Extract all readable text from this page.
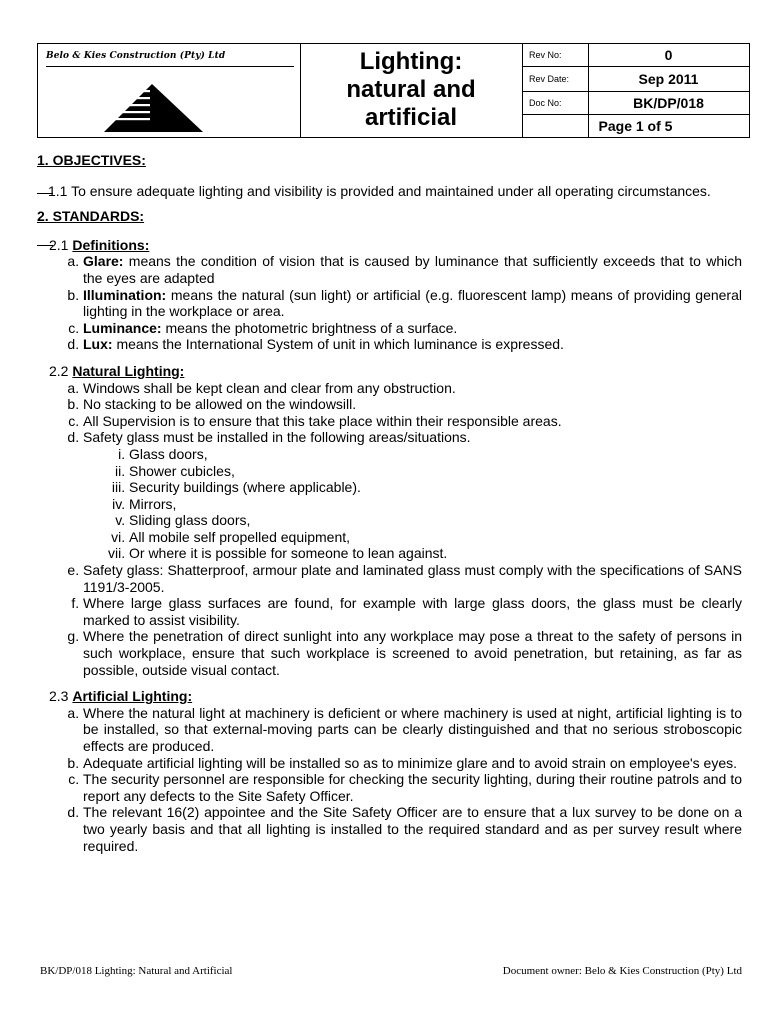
Belo & Kies Construction (Pty) Ltd	Lighting:
natural and
artificial
Rev No:
Rev Date:
Doc No:
0
Sep 2011
BK/DP/018
Page 1 of 5
1. OBJECTIVES:
1.1 To ensure adequate lighting and visibility is provided and maintained under all operating circumstances.
2. STANDARDS:
2.1 Definitions:
a. Glare: means the condition of vision that is caused by luminance that sufficiently exceeds that to which the eyes are adapted
b. Illumination: means the natural (sun light) or artificial (e.g. fluorescent lamp) means of providing general lighting in the workplace or area.
c. Luminance: means the photometric brightness of a surface.
d. Lux: means the International System of unit in which luminance is expressed.
2.2 Natural Lighting:
a. Windows shall be kept clean and clear from any obstruction.
b. No stacking to be allowed on the windowsill.
c. All Supervision is to ensure that this take place within their responsible areas.
d. Safety glass must be installed in the following areas/situations.
i. Glass doors,
ii. Shower cubicles,
iii. Security buildings (where applicable).
iv. Mirrors,
v. Sliding glass doors,
vi. All mobile self propelled equipment,
vii. Or where it is possible for someone to lean against.
e. Safety glass: Shatterproof, armour plate and laminated glass must comply with the specifications of SANS 1191/3-2005.
f. Where large glass surfaces are found, for example with large glass doors, the glass must be clearly marked to assist visibility.
g. Where the penetration of direct sunlight into any workplace may pose a threat to the safety of persons in such workplace, ensure that such workplace is screened to avoid penetration, but retaining, as far as possible, outside visual contact.
2.3 Artificial Lighting:
a. Where the natural light at machinery is deficient or where machinery is used at night, artificial lighting is to be installed, so that external-moving parts can be clearly distinguished and that no serious stroboscopic effects are produced.
b. Adequate artificial lighting will be installed so as to minimize glare and to avoid strain on employee's eyes.
c. The security personnel are responsible for checking the security lighting, during their routine patrols and to report any defects to the Site Safety Officer.
d. The relevant 16(2) appointee and the Site Safety Officer are to ensure that a lux survey to be done on a two yearly basis and that all lighting is installed to the required standard and as per survey result where required.
BK/DP/018 Lighting: Natural and Artificial	Document owner: Belo & Kies Construction (Pty) Ltd
